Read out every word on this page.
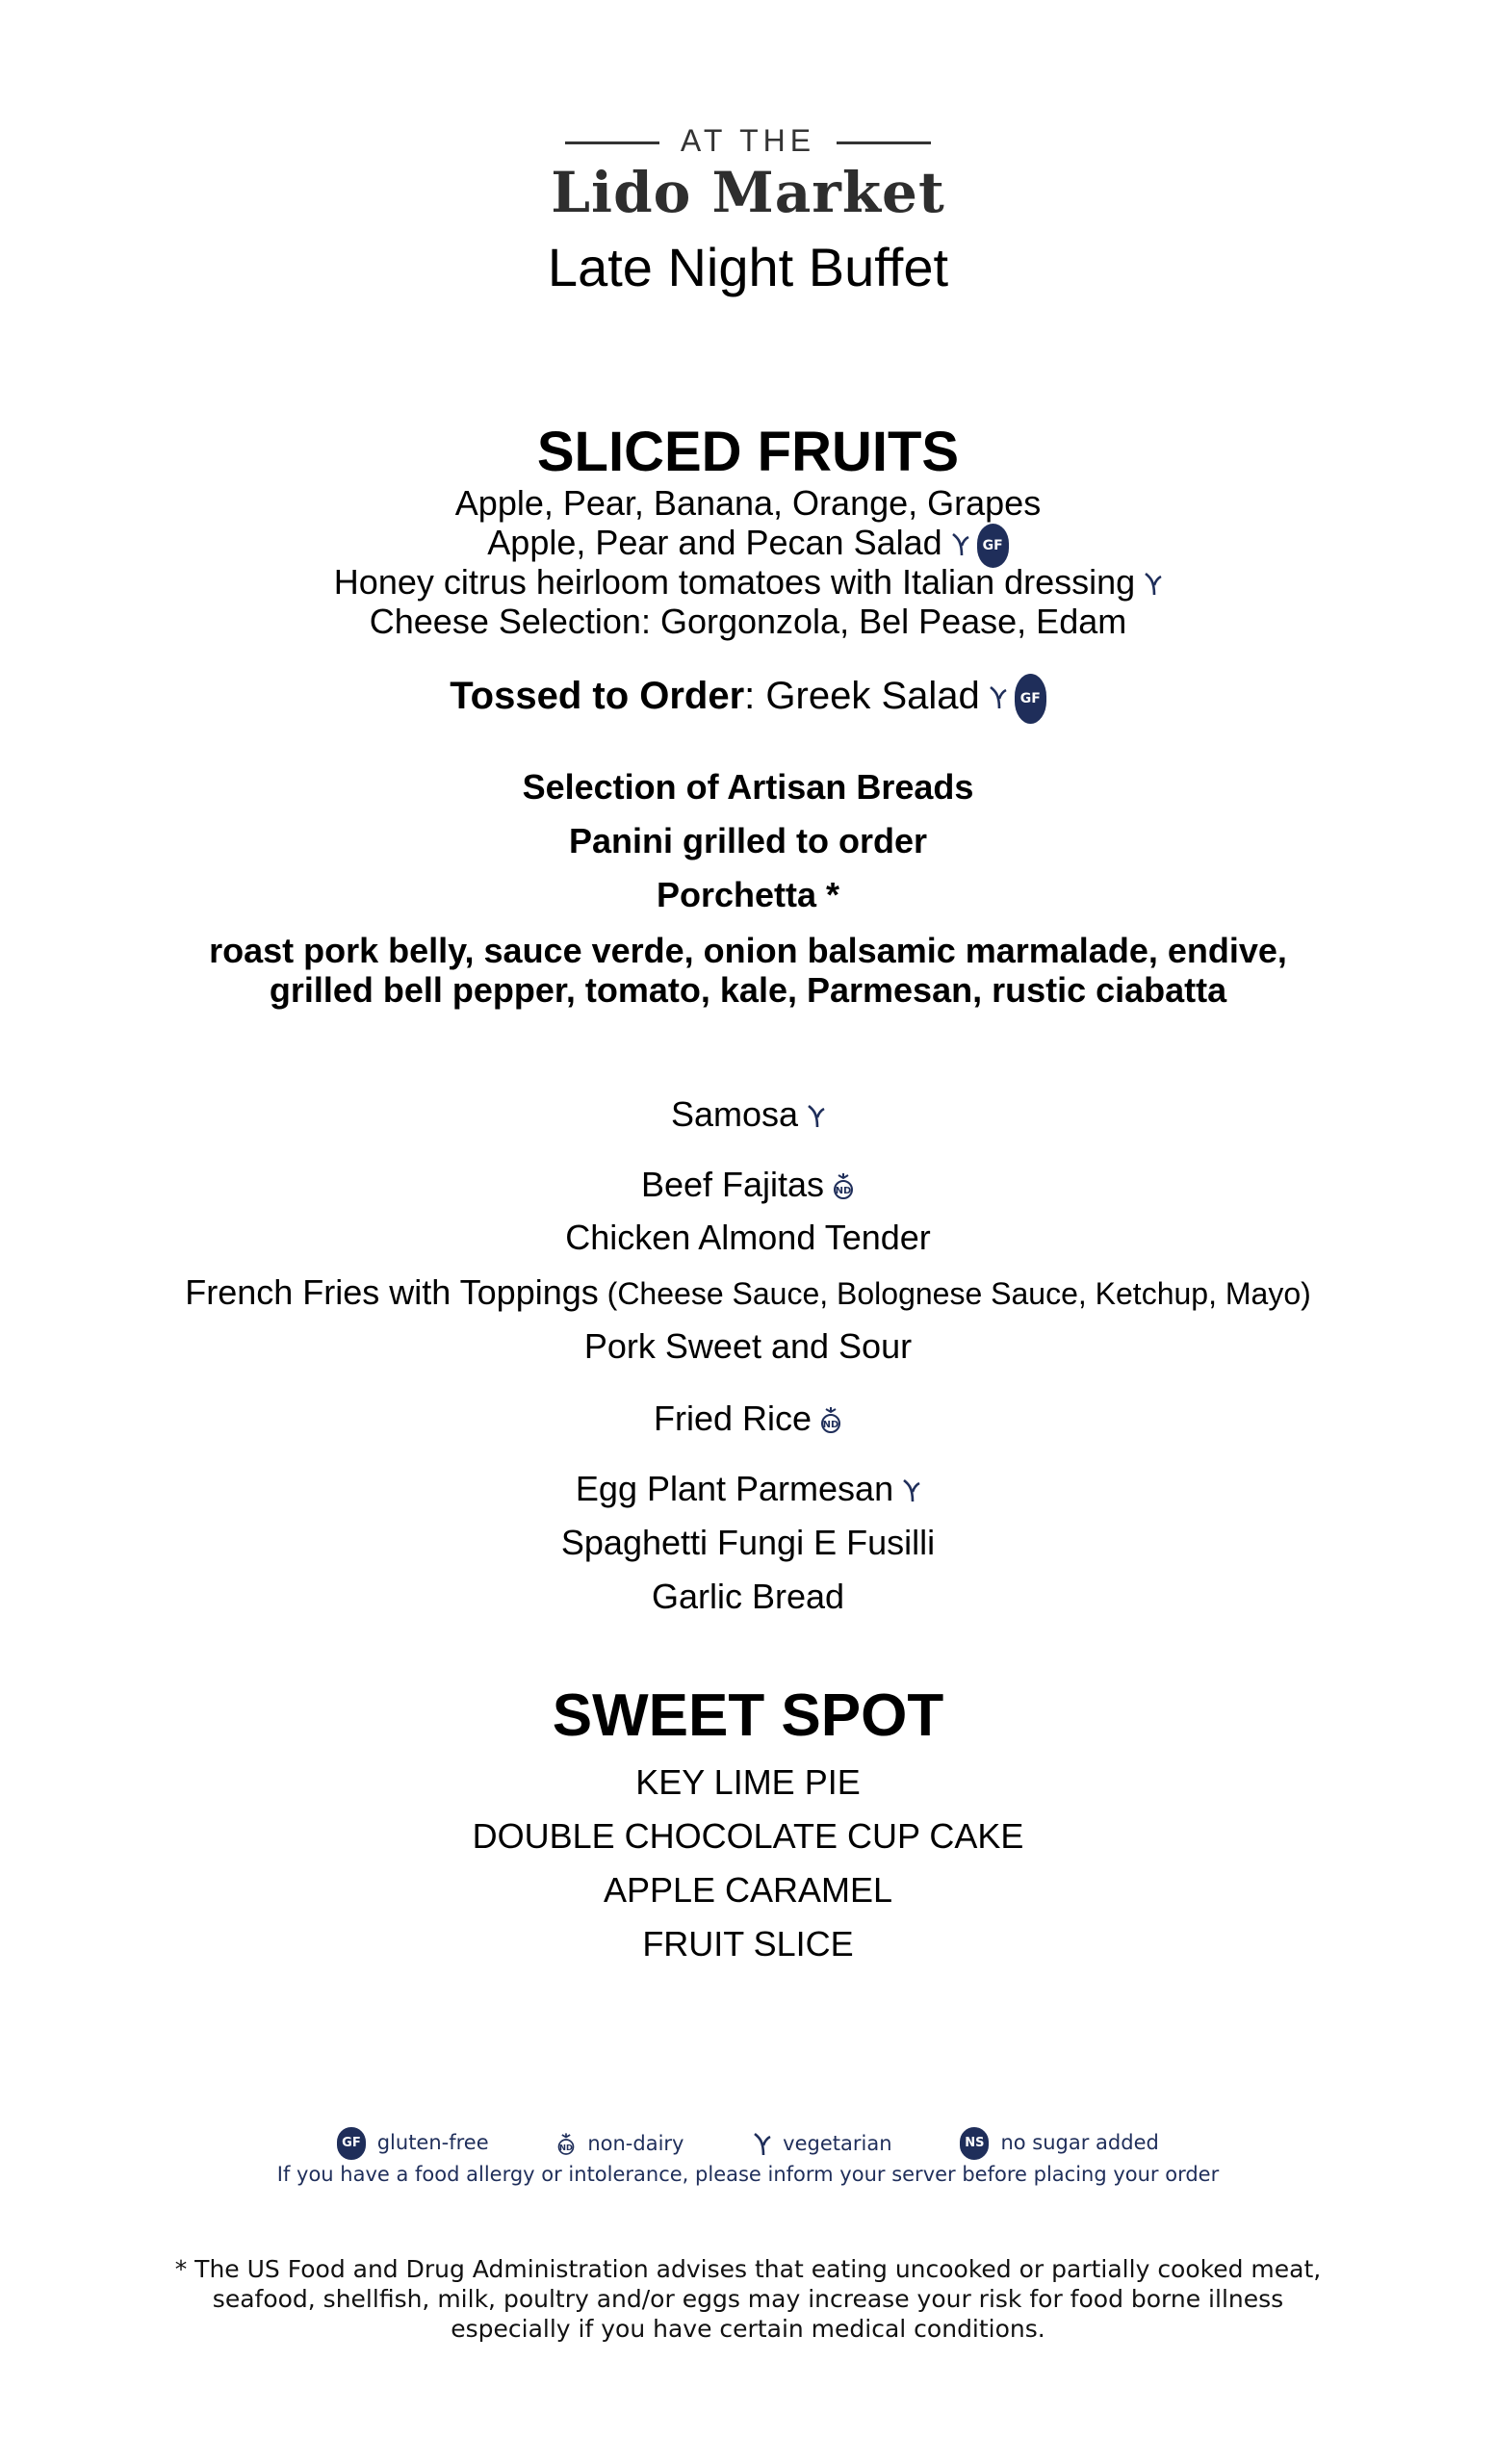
AT THE
Lido Market
Late Night Buffet
SLICED FRUITS
Apple, Pear, Banana, Orange, Grapes
Apple, Pear and Pecan Salad	GF
Honey citrus heirloom tomatoes with Italian dressing
Cheese Selection: Gorgonzola, Bel Pease, Edam
Tossed to Order: Greek Salad	GF
Selection of Artisan Breads
Panini grilled to order
Porchetta *
roast pork belly, sauce verde, onion balsamic marmalade, endive,
grilled bell pepper, tomato, kale, Parmesan, rustic ciabatta
Samosa
Beef Fajitas ND
Chicken Almond Tender
French Fries with Toppings (Cheese Sauce, Bolognese Sauce, Ketchup, Mayo)
Pork Sweet and Sour
Fried Rice ND
Egg Plant Parmesan
Spaghetti Fungi E Fusilli
Garlic Bread
SWEET SPOT
KEY LIME PIE
DOUBLE CHOCOLATE CUP CAKE
APPLE CARAMEL
FRUIT SLICE
GF gluten-free	ND non-dairy	vegetarian	NS no sugar added
If you have a food allergy or intolerance, please inform your server before placing your order
* The US Food and Drug Administration advises that eating uncooked or partially cooked meat,
seafood, shellfish, milk, poultry and/or eggs may increase your risk for food borne illness
especially if you have certain medical conditions.
